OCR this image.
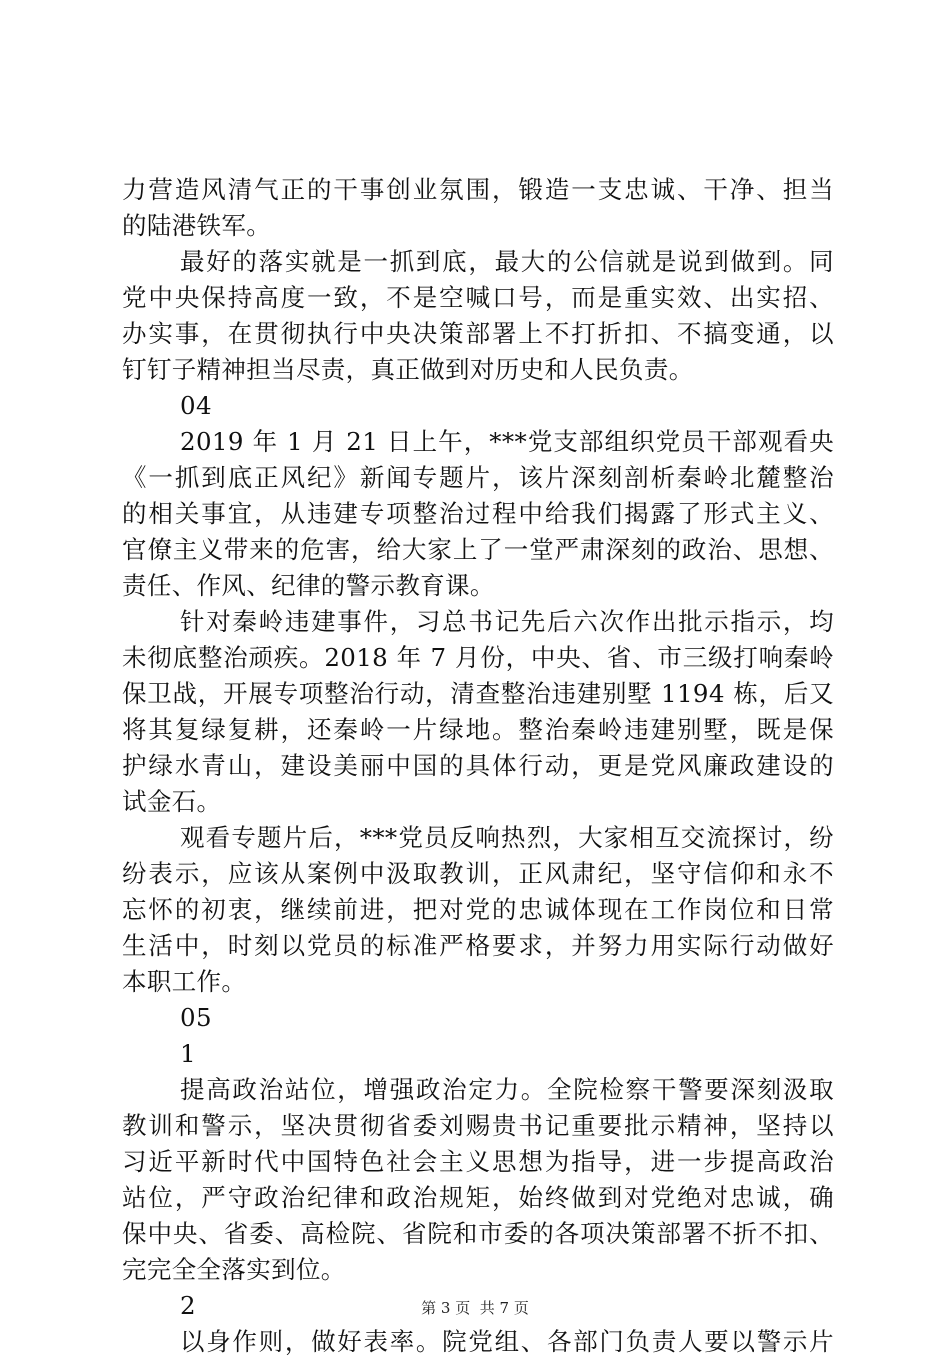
力营造风清气正的干事创业氛围，锻造一支忠诚、干净、担当
的陆港铁军。
最好的落实就是一抓到底，最大的公信就是说到做到。同
党中央保持高度一致，不是空喊口号，而是重实效、出实招、
办实事，在贯彻执行中央决策部署上不打折扣、不搞变通，以
钉钉子精神担当尽责，真正做到对历史和人民负责。
04
2019 年 1 月 21 日上午，***党支部组织党员干部观看央
《一抓到底正风纪》新闻专题片，该片深刻剖析秦岭北麓整治
的相关事宜，从违建专项整治过程中给我们揭露了形式主义、
官僚主义带来的危害，给大家上了一堂严肃深刻的政治、思想、
责任、作风、纪律的警示教育课。
针对秦岭违建事件，习总书记先后六次作出批示指示，均
未彻底整治顽疾。2018 年 7 月份，中央、省、市三级打响秦岭
保卫战，开展专项整治行动，清查整治违建别墅 1194 栋，后又
将其复绿复耕，还秦岭一片绿地。整治秦岭违建别墅，既是保
护绿水青山，建设美丽中国的具体行动，更是党风廉政建设的
试金石。
观看专题片后，***党员反响热烈，大家相互交流探讨，纷
纷表示，应该从案例中汲取教训，正风肃纪，坚守信仰和永不
忘怀的初衷，继续前进，把对党的忠诚体现在工作岗位和日常
生活中，时刻以党员的标准严格要求，并努力用实际行动做好
本职工作。
05
1
提高政治站位，增强政治定力。全院检察干警要深刻汲取
教训和警示，坚决贯彻省委刘赐贵书记重要批示精神，坚持以
习近平新时代中国特色社会主义思想为指导，进一步提高政治
站位，严守政治纪律和政治规矩，始终做到对党绝对忠诚，确
保中央、省委、高检院、省院和市委的各项决策部署不折不扣、
完完全全落实到位。
2
以身作则，做好表率。院党组、各部门负责人要以警示片
第 3 页  共 7 页
